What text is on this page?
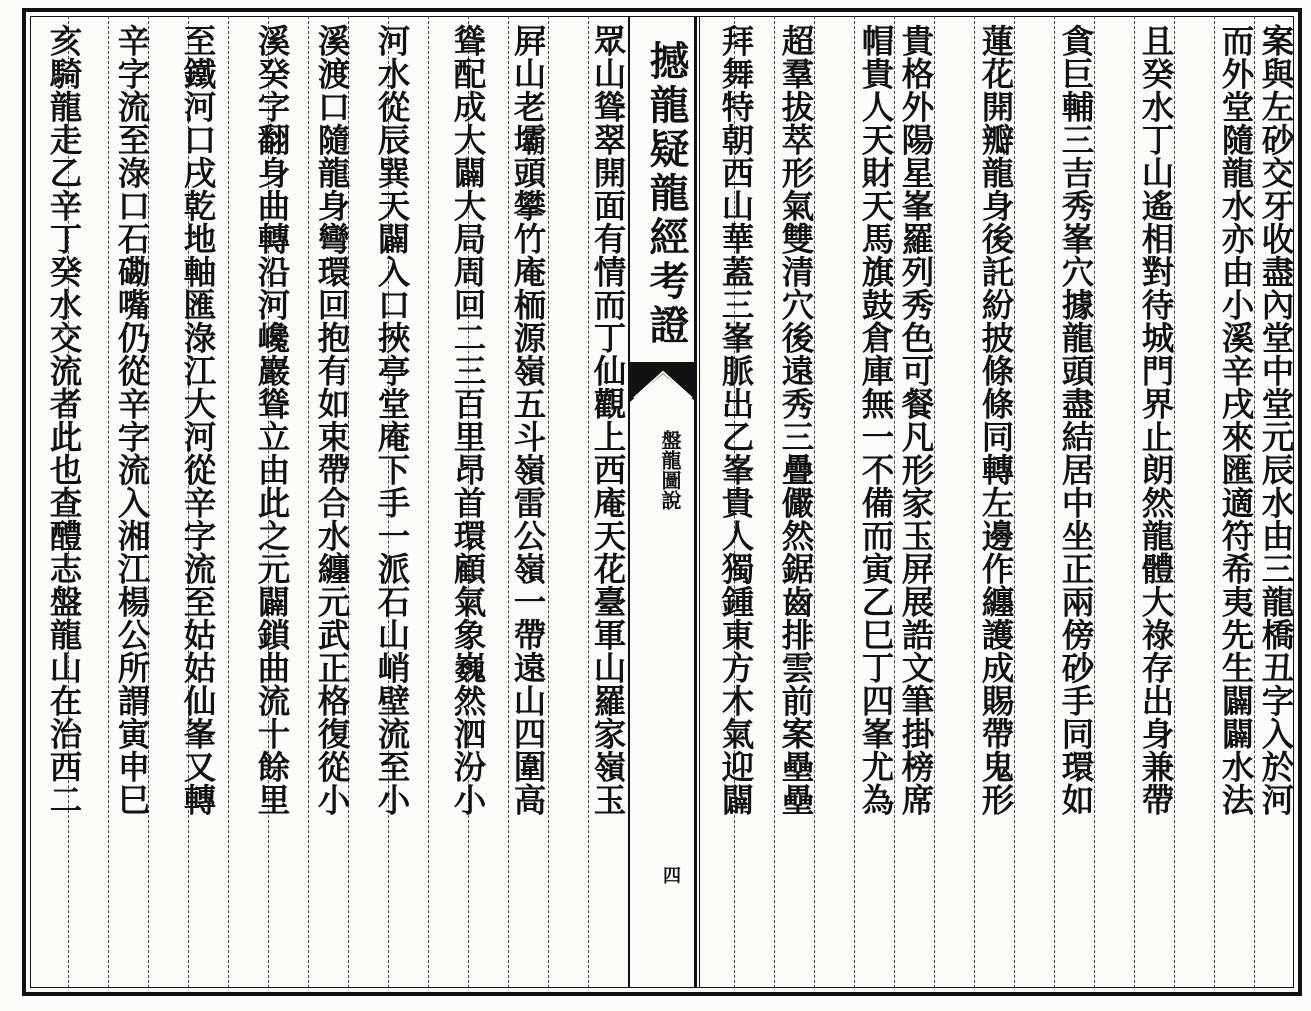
案與左砂交牙收盡內堂中堂元辰水由三龍橋丑字入於河
而外堂隨龍水亦由小溪辛戌來匯適符希夷先生闢闢水法
且癸水丁山遙相對待城門界止朗然龍體大祿存出身兼帶
貪巨輔三吉秀峯穴據龍頭盡結居中坐正兩傍砂手同環如
蓮花開瓣龍身後託紛披條條同轉左邊作纏護成賜帶鬼形
貴格外陽星峯羅列秀色可餐凡形家玉屏展誥文筆掛榜席
帽貴人天財天馬旗鼓倉庫無一不備而寅乙巳丁四峯尤為
超羣拔萃形氣雙清穴後遠秀三疊儼然鋸齒排雲前案壘壘
拜舞特朝西山華蓋三峯脈出乙峯貴人獨鍾東方木氣迎闢
撼龍疑龍經考證
盤龍圖說
四
眾山聳翠開面有情而丁仙觀上西庵天花臺軍山羅家嶺玉
屛山老壩頭攀竹庵栭源嶺五斗嶺雷公嶺一帶遠山四圍高
聳配成大闢大局周回二三百里昂首環顧氣象巍然泗汾小
河水從辰巽天闢入口挾亭堂庵下手一派石山峭壁流至小
溪渡口隨龍身彎環回抱有如束帶合水纏元武正格復從小
溪癸字翻身曲轉沿河巉巖聳立由此之元闢鎖曲流十餘里
至鐵河口戌乾地軸匯淥江大河從辛字流至姑姑仙峯又轉
辛字流至淥口石磡嘴仍從辛字流入湘江楊公所謂寅申巳
亥騎龍走乙辛丁癸水交流者此也查醴志盤龍山在治西二
